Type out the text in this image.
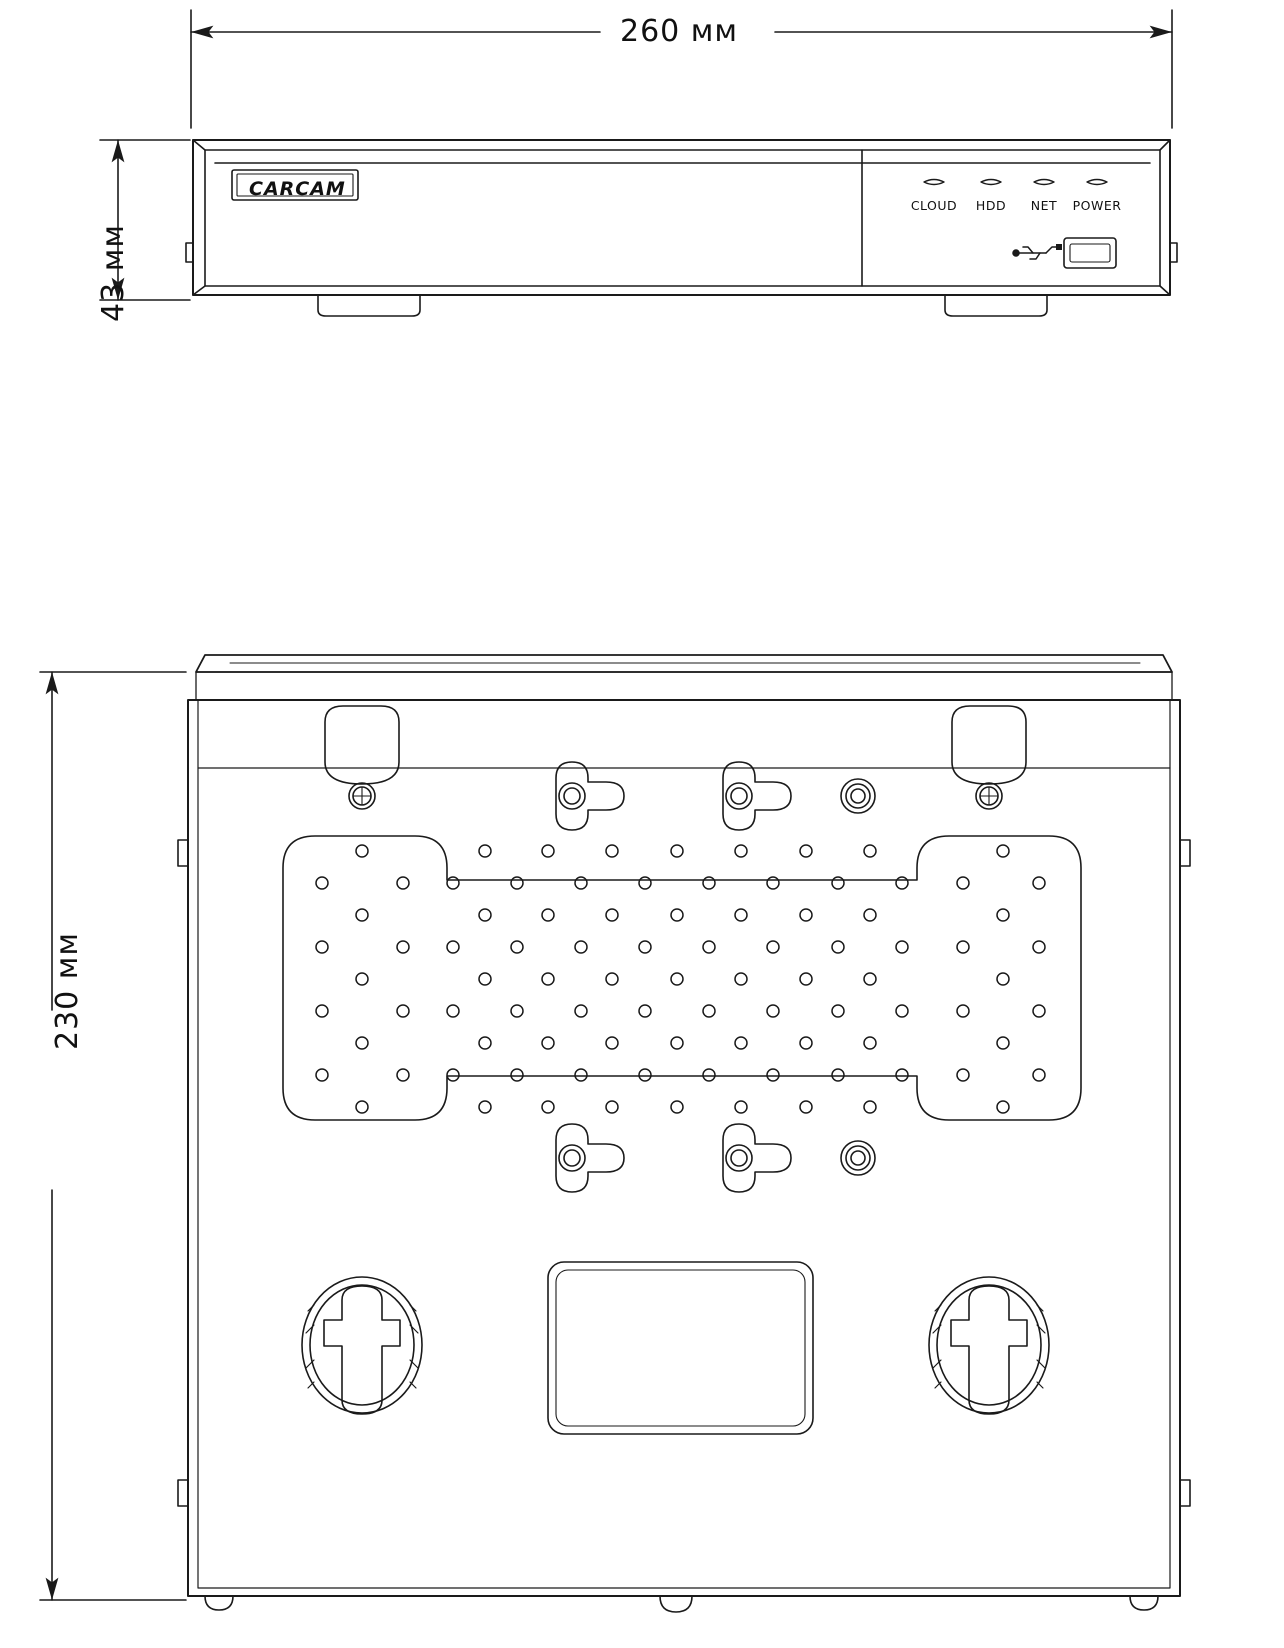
260 мм
43 мм
230 мм
CARCAM
CLOUD	HDD	NET	POWER
